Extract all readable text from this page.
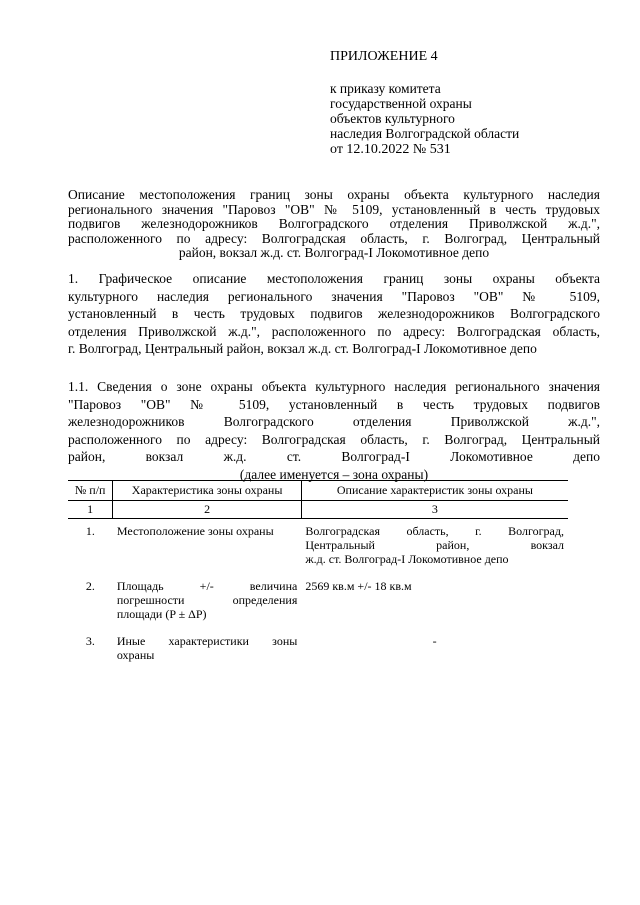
ПРИЛОЖЕНИЕ 4
к приказу комитета
государственной охраны
объектов культурного
наследия Волгоградской области
от 12.10.2022 № 531
Описание местоположения границ зоны охраны объекта культурного наследия
регионального значения "Паровоз "ОВ" № 5109, установленный в честь трудовых
подвигов железнодорожников Волгоградского отделения Приволжской ж.д.",
расположенного по адресу: Волгоградская область, г. Волгоград, Центральный
район, вокзал ж.д. ст. Волгоград-I Локомотивное депо
1. Графическое описание местоположения границ зоны охраны объекта
культурного наследия регионального значения "Паровоз "ОВ" № 5109,
установленный в честь трудовых подвигов железнодорожников Волгоградского
отделения Приволжской ж.д.", расположенного по адресу: Волгоградская область,
г. Волгоград, Центральный район, вокзал ж.д. ст. Волгоград-I Локомотивное депо
1.1. Сведения о зоне охраны объекта культурного наследия регионального значения
"Паровоз "ОВ" № 5109, установленный в честь трудовых подвигов
железнодорожников Волгоградского отделения Приволжской ж.д.",
расположенного по адресу: Волгоградская область, г. Волгоград, Центральный
район, вокзал ж.д. ст. Волгоград-I Локомотивное депо
(далее именуется – зона охраны)
№ п/п	Характеристика зоны охраны	Описание характеристик зоны охраны
1	2	3
1.	Местоположение зоны охраны	Волгоградская область, г. Волгоград,
Центральный район, вокзал
ж.д. ст. Волгоград-I Локомотивное депо

2.	Площадь +/- величина
погрешности определения
площади (P ± ΔP)	2569 кв.м +/- 18 кв.м
3.	Иные характеристики зоны
охраны	-
